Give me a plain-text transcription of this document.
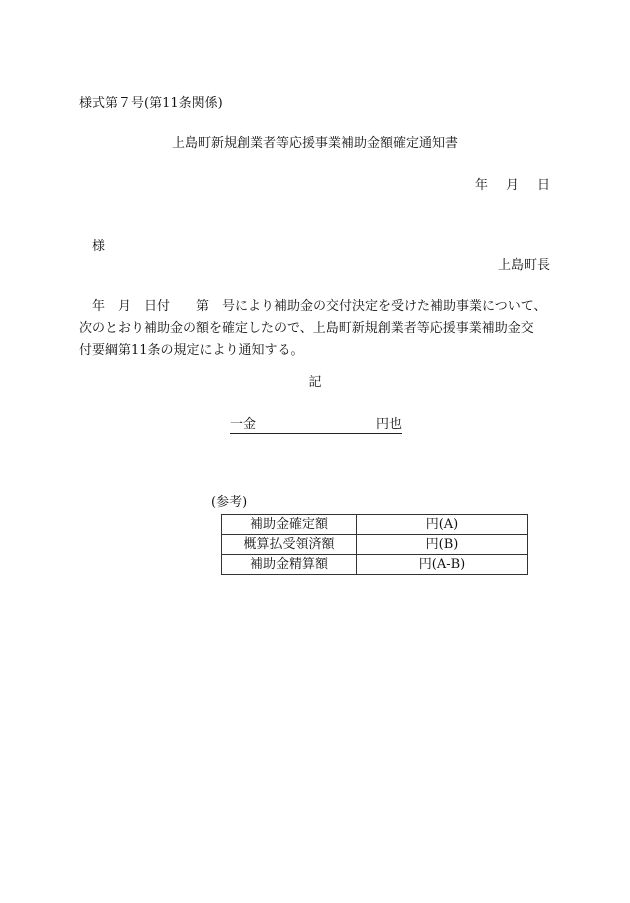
様式第７号(第11条関係)
上島町新規創業者等応援事業補助金額確定通知書
年 月 日
様
上島町長
　年　月　日付　　第　号により補助金の交付決定を受けた補助事業について、
次のとおり補助金の額を確定したので、上島町新規創業者等応援事業補助金交
付要綱第11条の規定により通知する。
記
一金	円也
(参考)
補助金確定額	円(A)
概算払受領済額	円(B)
補助金精算額	円(A-B)
